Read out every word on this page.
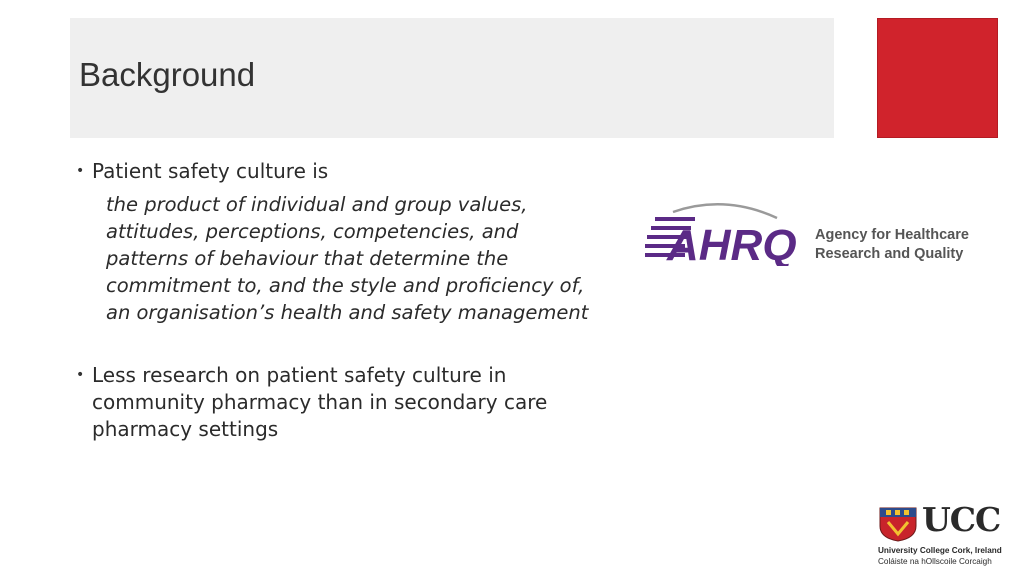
Background
• Patient safety culture is
the product of individual and group values, attitudes, perceptions, competencies, and patterns of behaviour that determine the commitment to, and the style and proficiency of, an organisation’s health and safety management
• Less research on patient safety culture in community pharmacy than in secondary care pharmacy settings
AHRQ Agency for Healthcare
Research and Quality
UCC
University College Cork, Ireland
Coláiste na hOllscoile Corcaigh
